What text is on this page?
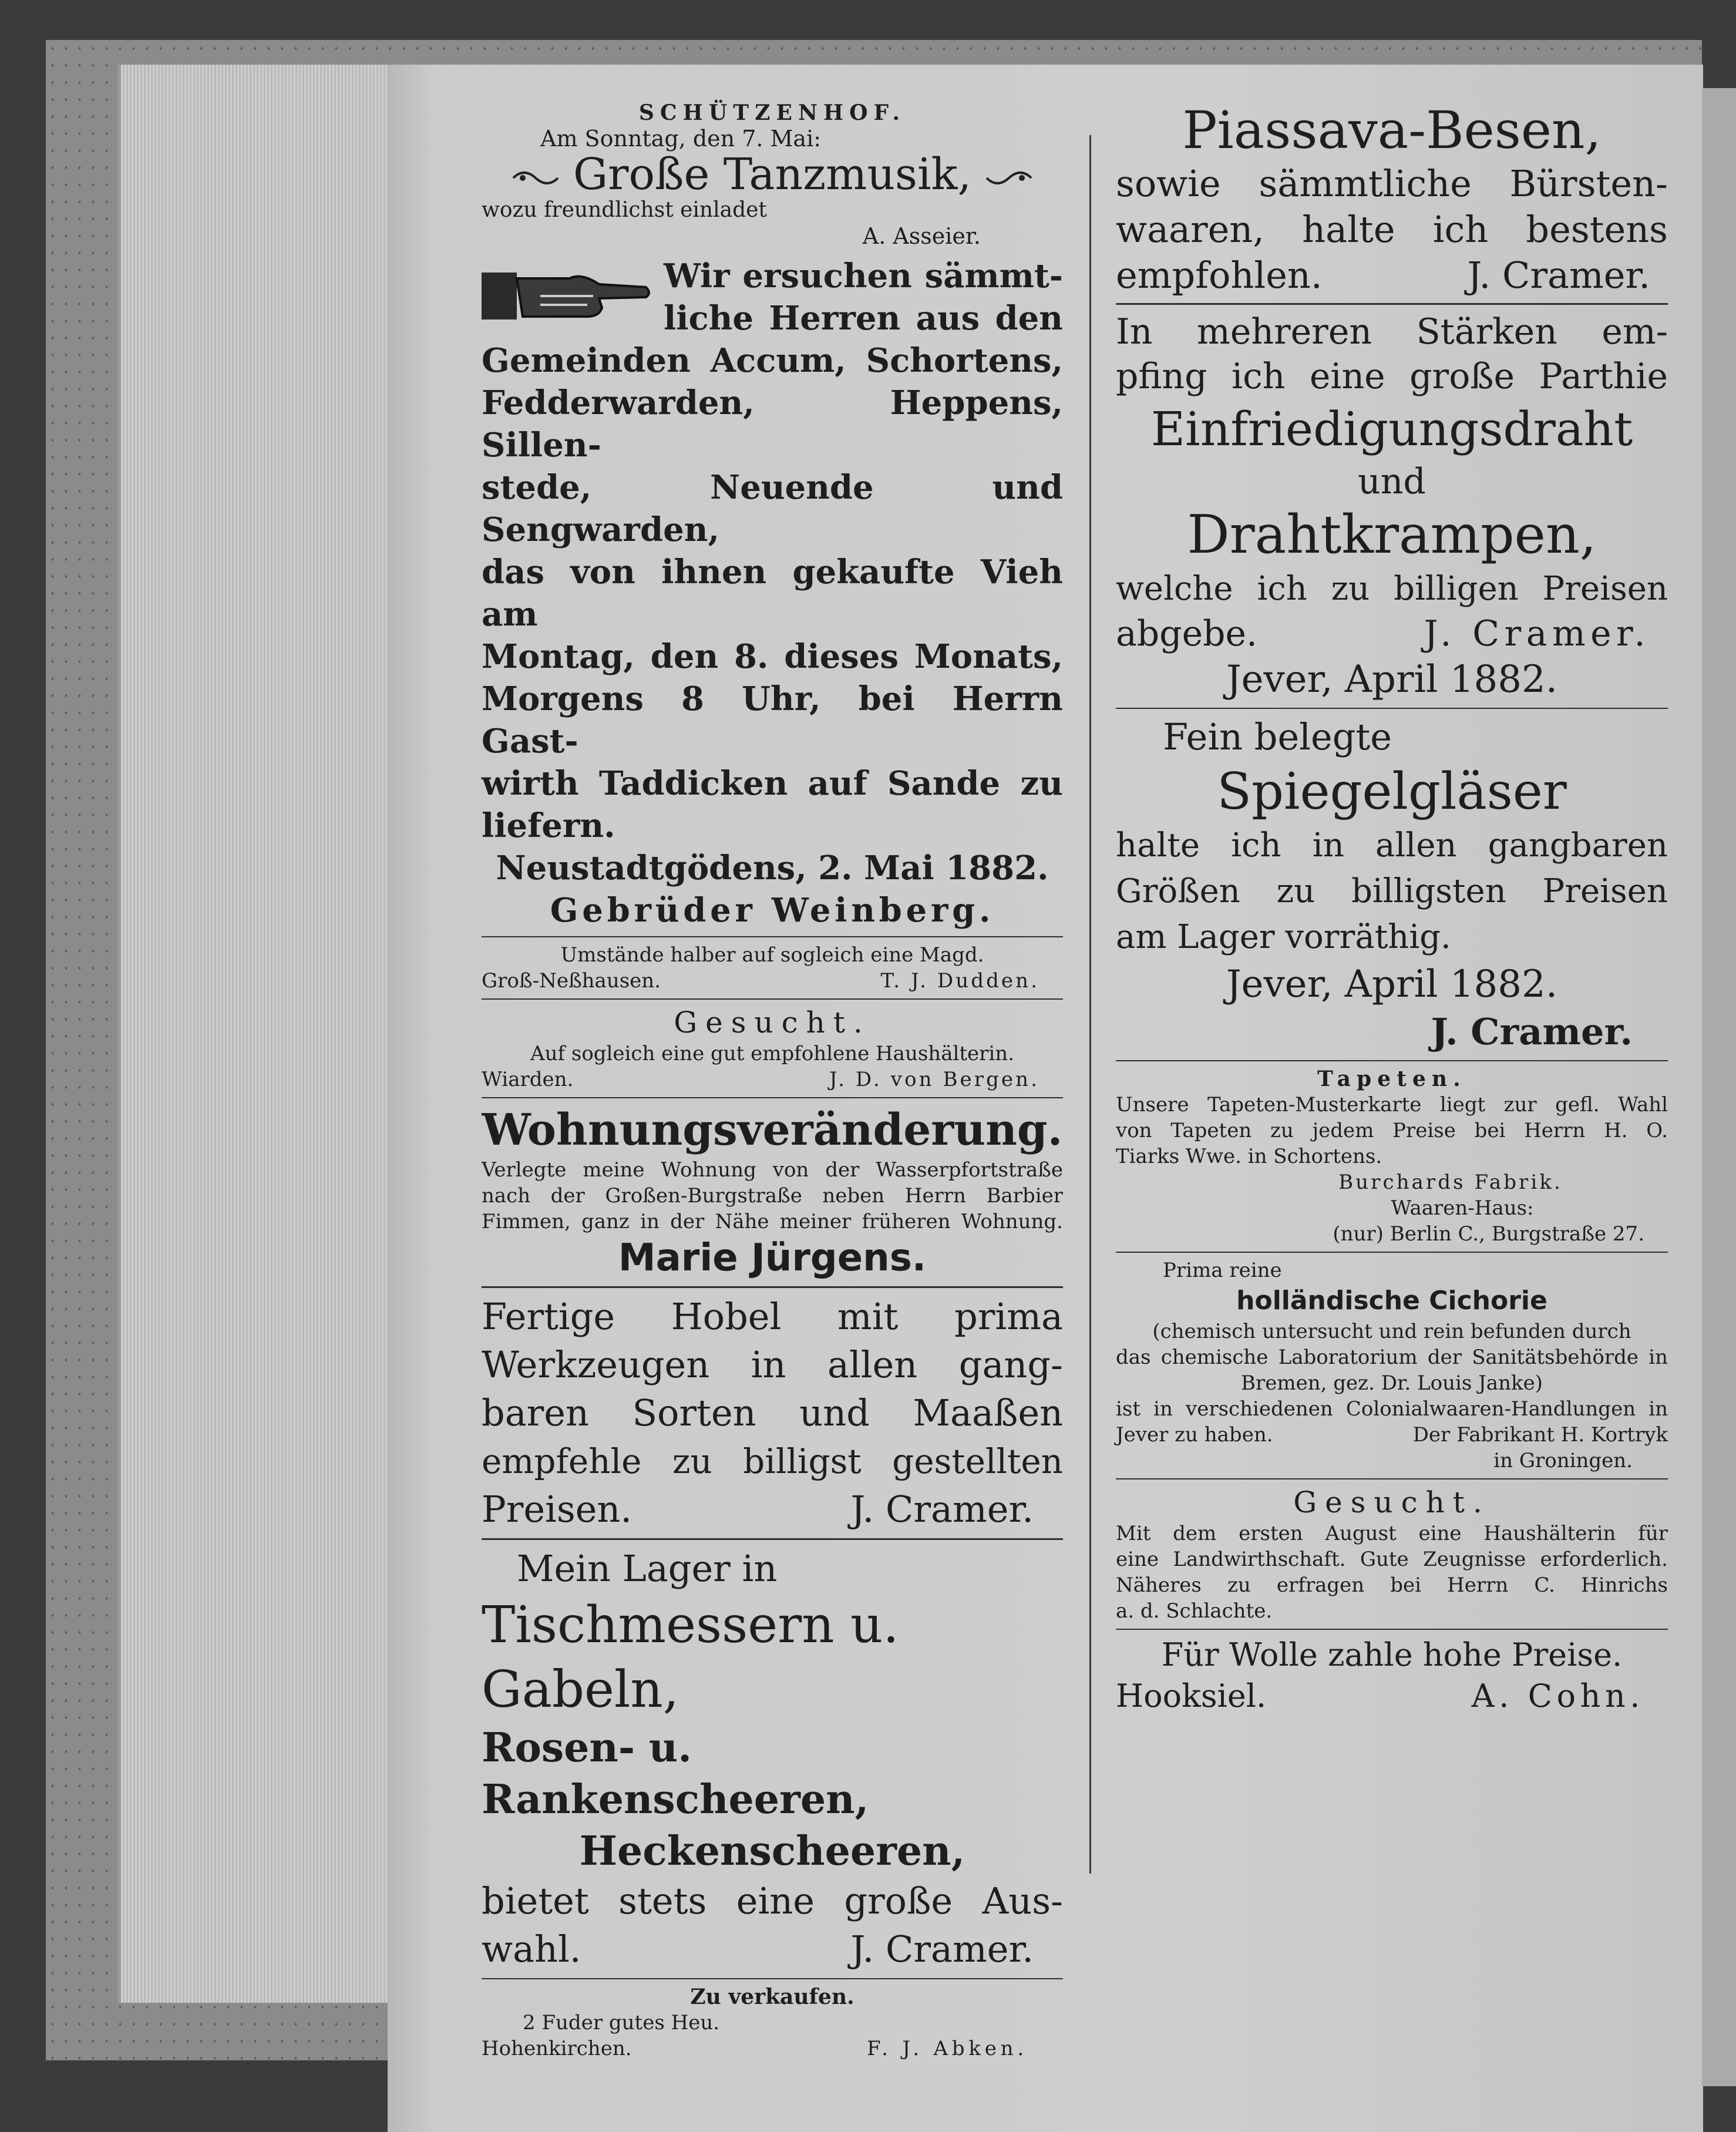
SCHÜTZENHOF.
Am Sonntag, den 7. Mai:
Große Tanzmusik,
wozu freundlichst einladet
A. Asseier.
Wir ersuchen sämmt-
liche Herren aus den
Gemeinden Accum, Schortens,
Fedderwarden, Heppens, Sillen-
stede, Neuende und Sengwarden,
das von ihnen gekaufte Vieh am
Montag, den 8. dieses Monats,
Morgens 8 Uhr, bei Herrn Gast-
wirth Taddicken auf Sande zu
liefern.
Neustadtgödens, 2. Mai 1882.
Gebrüder Weinberg.
Umstände halber auf sogleich eine Magd.
Groß-Neßhausen.	T. J. Dudden.
Gesucht.
Auf sogleich eine gut empfohlene Haushälterin.
Wiarden.	J. D. von Bergen.
Wohnungsveränderung.
Verlegte meine Wohnung von der Wasserpfortstraße
nach der Großen-Burgstraße neben Herrn Barbier
Fimmen, ganz in der Nähe meiner früheren Wohnung.
Marie Jürgens.
Fertige Hobel mit prima
Werkzeugen in allen gang-
baren Sorten und Maaßen
empfehle zu billigst gestellten
Preisen.	J. Cramer.
Mein Lager in
Tischmessern u. Gabeln,
Rosen- u. Rankenscheeren,
Heckenscheeren,
bietet stets eine große Aus-
wahl.	J. Cramer.
Zu verkaufen.
2 Fuder gutes Heu.
Hohenkirchen.	F. J. Abken.
Piassava-Besen,
sowie sämmtliche Bürsten-
waaren, halte ich bestens
empfohlen.	J. Cramer.
In mehreren Stärken em-
pfing ich eine große Parthie
Einfriedigungsdraht
und
Drahtkrampen,
welche ich zu billigen Preisen
abgebe.	J. Cramer.
Jever, April 1882.
Fein belegte
Spiegelgläser
halte ich in allen gangbaren
Größen zu billigsten Preisen
am Lager vorräthig.
Jever, April 1882.
J. Cramer.
Tapeten.
Unsere Tapeten-Musterkarte liegt zur gefl. Wahl
von Tapeten zu jedem Preise bei Herrn H. O.
Tiarks Wwe. in Schortens.
Burchards Fabrik.
Waaren-Haus:
(nur) Berlin C., Burgstraße 27.
Prima reine
holländische Cichorie
(chemisch untersucht und rein befunden durch
das chemische Laboratorium der Sanitätsbehörde in
Bremen, gez. Dr. Louis Janke)
ist in verschiedenen Colonialwaaren-Handlungen in
Jever zu haben.	Der Fabrikant H. Kortryk
in Groningen.
Gesucht.
Mit dem ersten August eine Haushälterin für
eine Landwirthschaft. Gute Zeugnisse erforderlich.
Näheres zu erfragen bei Herrn C. Hinrichs
a. d. Schlachte.
Für Wolle zahle hohe Preise.
Hooksiel.	A. Cohn.
